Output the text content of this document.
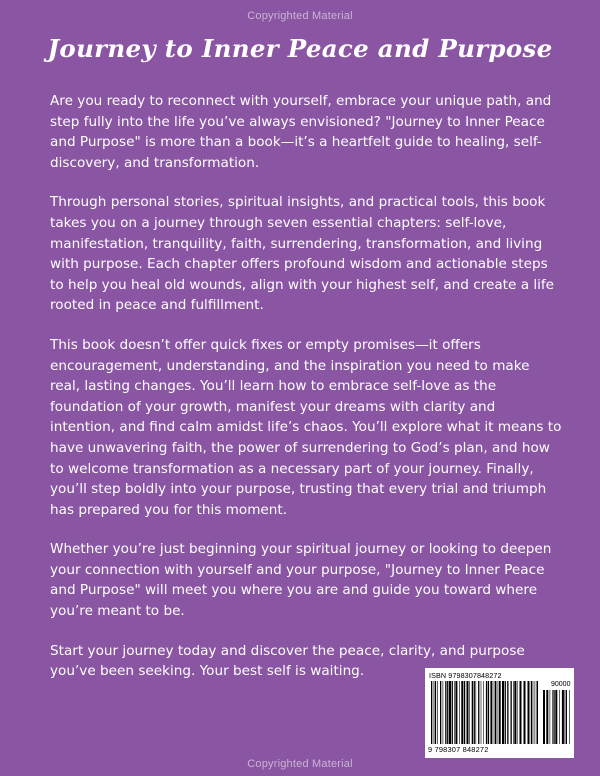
Copyrighted Material
Journey to Inner Peace and Purpose

Are you ready to reconnect with yourself, embrace your unique path, and step fully into the life you’ve always envisioned? "Journey to Inner Peace and Purpose" is more than a book—it’s a heartfelt guide to healing, self-discovery, and transformation.

Through personal stories, spiritual insights, and practical tools, this book takes you on a journey through seven essential chapters: self-love, manifestation, tranquility, faith, surrendering, transformation, and living with purpose. Each chapter offers profound wisdom and actionable steps to help you heal old wounds, align with your highest self, and create a life rooted in peace and fulfillment.

This book doesn’t offer quick fixes or empty promises—it offers encouragement, understanding, and the inspiration you need to make real, lasting changes. You’ll learn how to embrace self-love as the foundation of your growth, manifest your dreams with clarity and intention, and find calm amidst life’s chaos. You’ll explore what it means to have unwavering faith, the power of surrendering to God’s plan, and how to welcome transformation as a necessary part of your journey. Finally, you’ll step boldly into your purpose, trusting that every trial and triumph has prepared you for this moment.

Whether you’re just beginning your spiritual journey or looking to deepen your connection with yourself and your purpose, "Journey to Inner Peace and Purpose" will meet you where you are and guide you toward where you’re meant to be.

Start your journey today and discover the peace, clarity, and purpose you’ve been seeking. Your best self is waiting.	ISBN 9798307848272
90000
9 798307 848272
Copyrighted Material
